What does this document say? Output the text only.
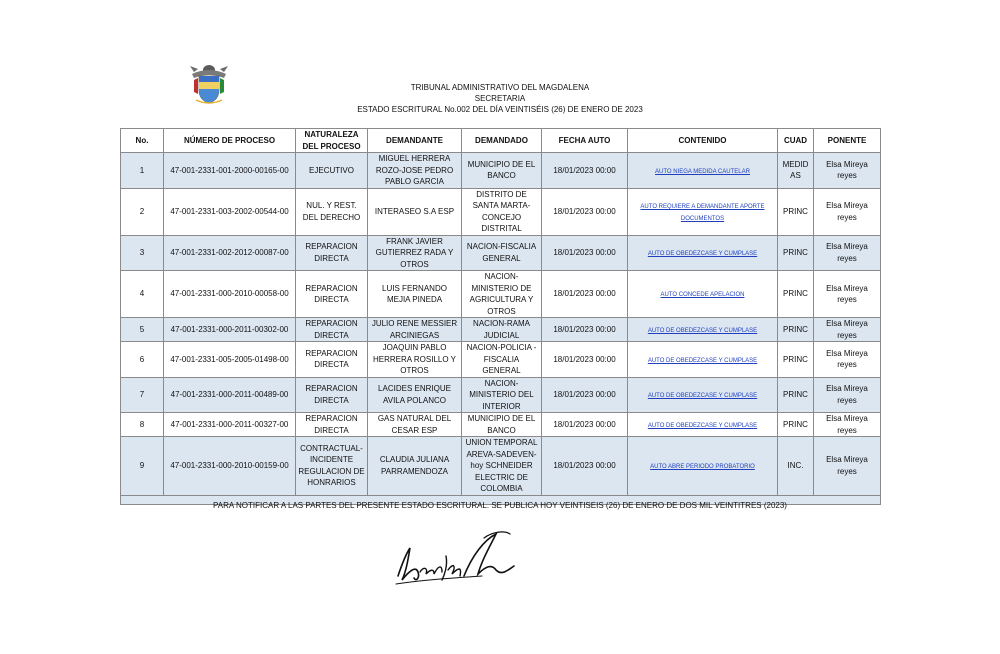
TRIBUNAL ADMINISTRATIVO DEL MAGDALENA
SECRETARIA
ESTADO ESCRITURAL No.002 DEL DÍA VEINTISÉIS (26) DE ENERO DE 2023
No.	NÚMERO DE PROCESO	NATURALEZA DEL PROCESO	DEMANDANTE	DEMANDADO	FECHA AUTO	CONTENIDO	CUAD	PONENTE
1	47-001-2331-001-2000-00165-00	EJECUTIVO	MIGUEL HERRERA ROZO-JOSE PEDRO PABLO GARCIA	MUNICIPIO DE EL BANCO	18/01/2023 00:00	AUTO NIEGA MEDIDA CAUTELAR	MEDIDAS	Elsa Mireya reyes
2	47-001-2331-003-2002-00544-00	NUL. Y REST. DEL DERECHO	INTERASEO S.A ESP	DISTRITO DE SANTA MARTA-CONCEJO DISTRITAL	18/01/2023 00:00	AUTO REQUIERE A DEMANDANTE APORTE DOCUMENTOS	PRINC	Elsa Mireya reyes
3	47-001-2331-002-2012-00087-00	REPARACION DIRECTA	FRANK JAVIER GUTIERREZ RADA Y OTROS	NACION-FISCALIA GENERAL	18/01/2023 00:00	AUTO DE OBEDEZCASE Y CUMPLASE	PRINC	Elsa Mireya reyes
4	47-001-2331-000-2010-00058-00	REPARACION DIRECTA	LUIS FERNANDO MEJIA PINEDA	NACION-MINISTERIO DE AGRICULTURA Y OTROS	18/01/2023 00:00	AUTO CONCEDE APELACION	PRINC	Elsa Mireya reyes
5	47-001-2331-000-2011-00302-00	REPARACION DIRECTA	JULIO RENE MESSIER ARCINIEGAS	NACION-RAMA JUDICIAL	18/01/2023 00:00	AUTO DE OBEDEZCASE Y CUMPLASE	PRINC	Elsa Mireya reyes
6	47-001-2331-005-2005-01498-00	REPARACION DIRECTA	JOAQUIN PABLO HERRERA ROSILLO Y OTROS	NACION-POLICIA - FISCALIA GENERAL	18/01/2023 00:00	AUTO DE OBEDEZCASE Y CUMPLASE	PRINC	Elsa Mireya reyes
7	47-001-2331-000-2011-00489-00	REPARACION DIRECTA	LACIDES ENRIQUE AVILA POLANCO	NACION-MINISTERIO DEL INTERIOR	18/01/2023 00:00	AUTO DE OBEDEZCASE Y CUMPLASE	PRINC	Elsa Mireya reyes
8	47-001-2331-000-2011-00327-00	REPARACION DIRECTA	GAS NATURAL DEL CESAR ESP	MUNICIPIO DE EL BANCO	18/01/2023 00:00	AUTO DE OBEDEZCASE Y CUMPLASE	PRINC	Elsa Mireya reyes
9	47-001-2331-000-2010-00159-00	CONTRACTUAL- INCIDENTE REGULACION DE HONRARIOS	CLAUDIA JULIANA PARRAMENDOZA	UNION TEMPORAL AREVA-SADEVEN- hoy SCHNEIDER ELECTRIC DE COLOMBIA	18/01/2023 00:00	AUTO ABRE PERIODO PROBATORIO	INC.	Elsa Mireya reyes

PARA NOTIFICAR A LAS PARTES DEL PRESENTE ESTADO ESCRITURAL. SE PUBLICA HOY VEINTISEIS (26) DE ENERO DE DOS MIL VEINTITRES (2023)
